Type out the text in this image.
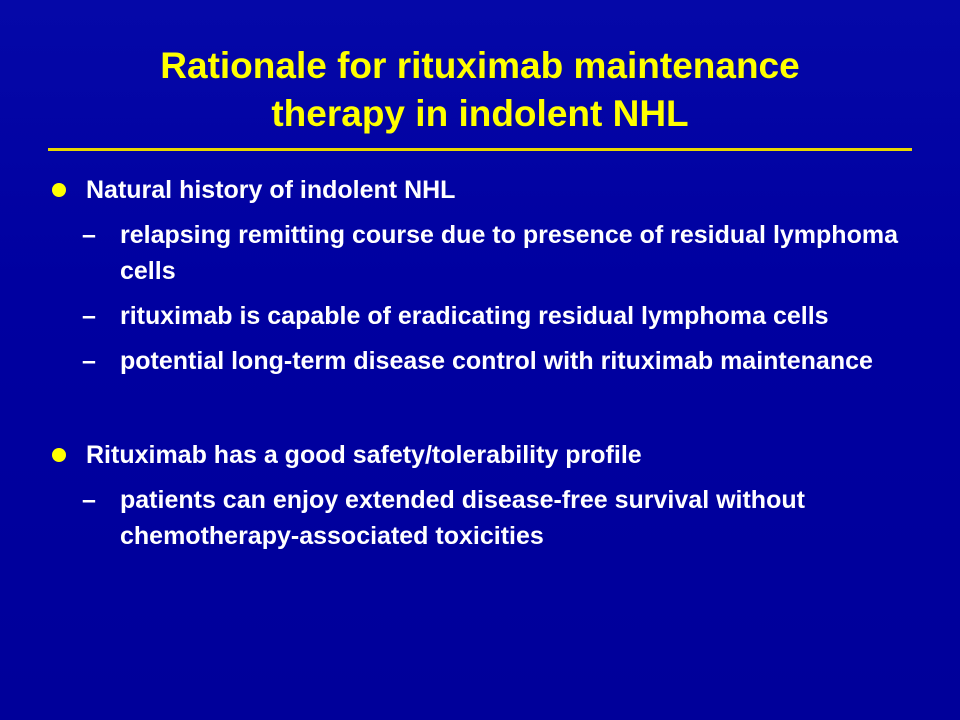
Rationale for rituximab maintenance
therapy in indolent NHL

Natural history of indolent NHL

– relapsing remitting course due to presence of residual lymphoma cells

– rituximab is capable of eradicating residual lymphoma cells

– potential long-term disease control with rituximab maintenance

Rituximab has a good safety/tolerability profile

– patients can enjoy extended disease-free survival without chemotherapy-associated toxicities
